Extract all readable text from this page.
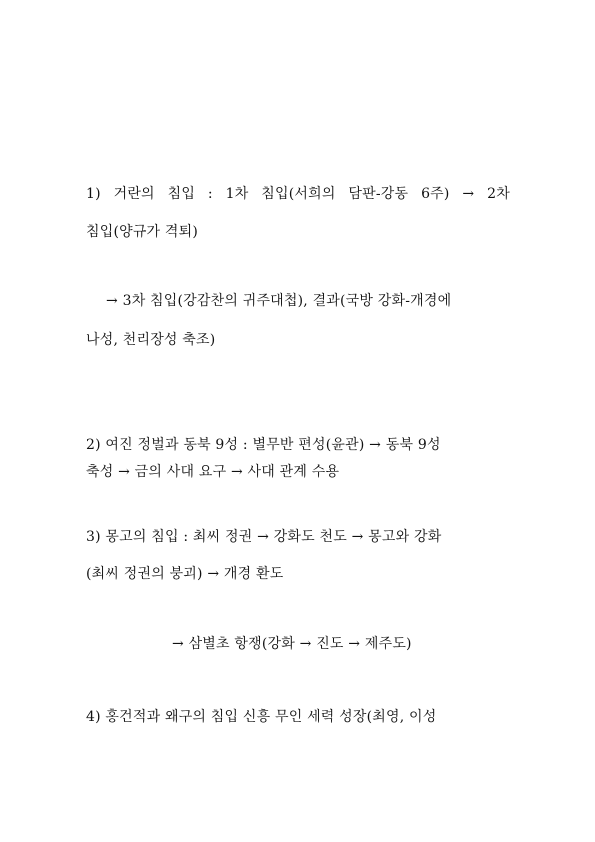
1) 거란의 침입 : 1차 침입(서희의 담판-강동 6주) → 2차
침입(양규가 격퇴)
→ 3차 침입(강감찬의 귀주대첩), 결과(국방 강화-개경에
나성, 천리장성 축조)
2) 여진 정벌과 동북 9성 : 별무반 편성(윤관) → 동북 9성
축성 → 금의 사대 요구 → 사대 관계 수용
3) 몽고의 침입 : 최씨 정권 → 강화도 천도 → 몽고와 강화
(최씨 정권의 붕괴) → 개경 환도
→ 삼별초 항쟁(강화 → 진도 → 제주도)
4) 홍건적과 왜구의 침입 신흥 무인 세력 성장(최영, 이성
